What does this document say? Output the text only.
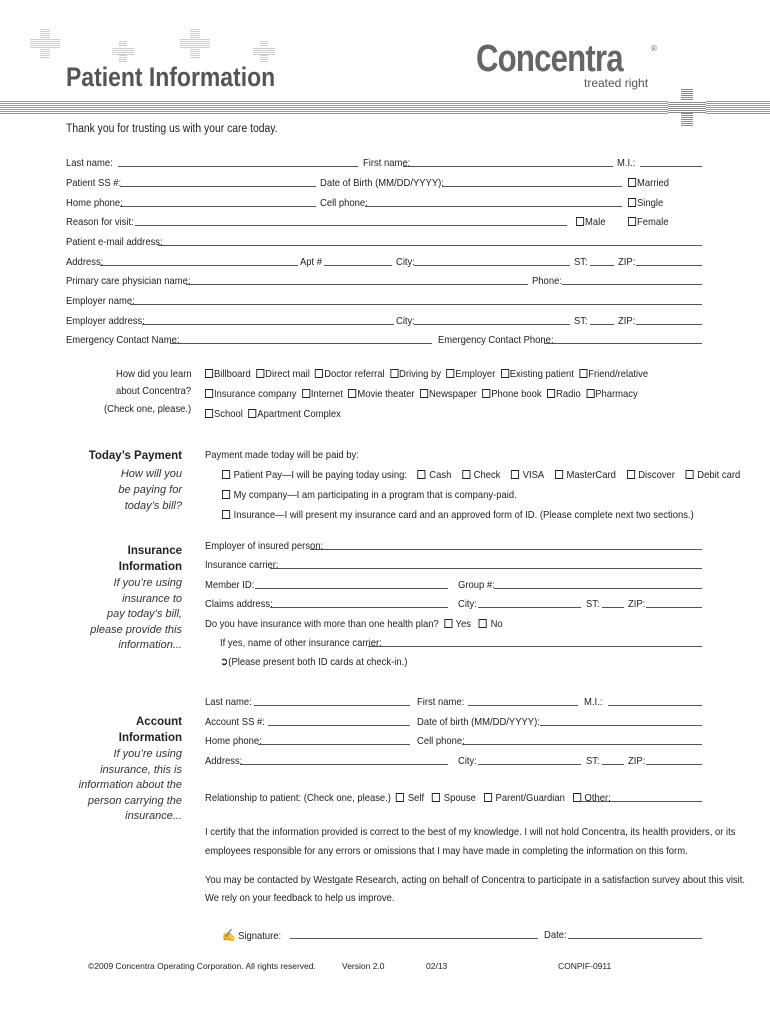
Patient Information	Concentra	®
treated right
Thank you for trusting us with your care today.
Last name:	First name:	M.I.:
Patient SS #:	Date of Birth (MM/DD/YYYY):	Married
Home phone:	Cell phone:	Single
Reason for visit:	Male	Female
Patient e-mail address:
Address:	Apt #	City:	ST:	ZIP:
Primary care physician name:	Phone:
Employer name:
Employer address:	City:	ST:	ZIP:
Emergency Contact Name:	Emergency Contact Phone:
How did you learn
about Concentra?
(Check one, please.)
Billboard Direct mail Doctor referral Driving by Employer Existing patient Friend/relative
Insurance company Internet Movie theater Newspaper Phone book Radio Pharmacy
School Apartment Complex
Today’s Payment
How will you
be paying for
today’s bill?
Payment made today will be paid by:
Patient Pay—I will be paying today using: Cash Check VISA MasterCard Discover Debit card
My company—I am participating in a program that is company-paid.
Insurance—I will present my insurance card and an approved form of ID. (Please complete next two sections.)
Insurance
Information
If you’re using
insurance to
pay today’s bill,
please provide this
information...
Employer of insured person:
Insurance carrier:
Member ID:	Group #:
Claims address:	City:	ST:	ZIP:
Do you have insurance with more than one health plan? Yes No
If yes, name of other insurance carrier:
➲(Please present both ID cards at check-in.)
Account
Information
If you’re using
insurance, this is
information about the
person carrying the
insurance...
Last name:	First name:	M.I.:
Account SS #:	Date of birth (MM/DD/YYYY):
Home phone:	Cell phone:
Address:	City:	ST:	ZIP:
Relationship to patient: (Check one, please.) Self Spouse Parent/Guardian Other:
I certify that the information provided is correct to the best of my knowledge. I will not hold Concentra, its health providers, or its
employees responsible for any errors or omissions that I may have made in completing the information on this form.
You may be contacted by Westgate Research, acting on behalf of Concentra to participate in a satisfaction survey about this visit.
We rely on your feedback to help us improve.
✍ Signature:	Date:
©2009 Concentra Operating Corporation. All rights reserved.	Version 2.0	02/13	CONPIF-0911
